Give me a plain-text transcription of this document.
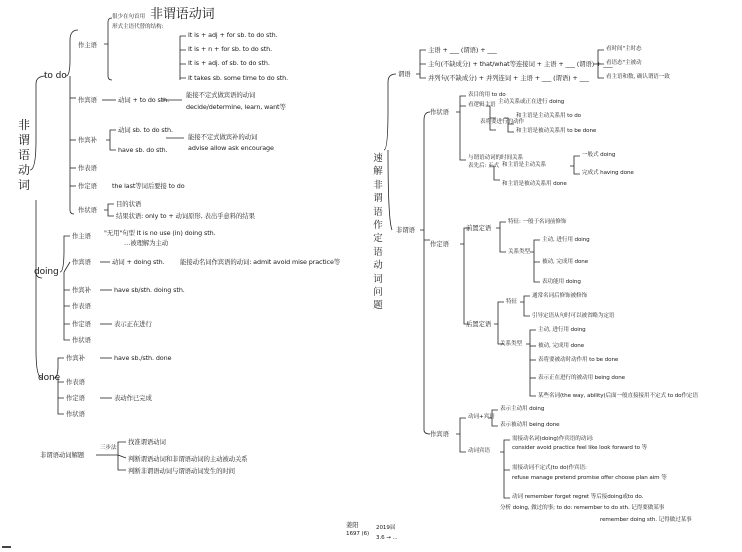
非谓语动词
to do
doing
done
非谓语动词
作主语
很少在句首用
形式主语代替的结构:
It is + adj + for sb. to do sth.
It is + n + for sb. to do sth.
It is + adj. of sb. to do sth.
It takes sb. some time to do sth.
作宾语	动词 + to do sth.
能接不定式做宾语的动词
decide/determine, learn, want等
作宾补
动词 sb. to do sth.
have sb. do sth.
能接不定式做宾补的动词
advise allow ask encourage
作表语
作定语 the last等词后要接 to do
作状语
目的状语
结果状语: only to + 动词原形, 表出乎意料的结果
作主语 "无用"句型 It is no use (in) doing sth.
…被理解为主动
作宾语	动词 + doing sth. 能接动名词作宾语的动词: admit avoid mise practice等
作宾补	have sb/sth. doing sth.
作表语
作定语	表示正在进行
作状语
作宾补	have sb./sth. done
作表语
作定语	表动作已完成
作状语
非谓语动词解题
三步法
找准谓语动词
判断谓语动词和非谓语动词的主动被动关系
判断非谓语动词与谓语动词发生的时间
速解非谓语作定语动词问题
谓语
非谓语
主语 + ___ (谓语) + ___
主句(不缺成分) + that/what等连接词 + 主语 + ___ (谓语) + ___
并列句(不缺成分) + 并列连词 + 主语 + ___ (谓语) + ___
看时间"主时态
看语态"主被动
看主语和数, 确认谓语一致
作状语
表目的用 to do
看逻辑主语 主动关系或正在进行 doing
表将要进行的动作
和主语是主动关系用 to do
和主语是被动关系用 to be done
与谓语动词的时间关系
表先后: 正式 和主语是主动关系
一般式 doing
完成式 having done
和主语是被动关系用 done
作定语
前置定语
特征: 一般于名词前修饰
关系类型
主动, 进行用 doing
被动, 完成用 done
表功能用 doing
后置定语
特征
通常名词后修饰被修饰
引导定语从句时可以被省略为定语
关系类型
主动, 进行用 doing
被动, 完成用 done
表将要被动时动作用 to be done
表示正在进行的被动用 being done
某些名词(the way, ability)后面一般直接接用不定式 to do作定语
作宾语
动词+宾语
表示主动用 doing
表示被动用 being done
动词宾语
需接动名词(doing)作宾语的动词:
consider avoid practice feel like look forward to 等
需接动词不定式(to do)作宾语:
refuse manage pretend promise offer choose plan aim 等
动词 remember forget regret 等后接doing或to do.
分析 doing, 做过的事; to do: remember to do sth. 记得要做某事
remember doing sth. 记得做过某事
姜阳
1697 (6)
2019届
3.6 → ...
